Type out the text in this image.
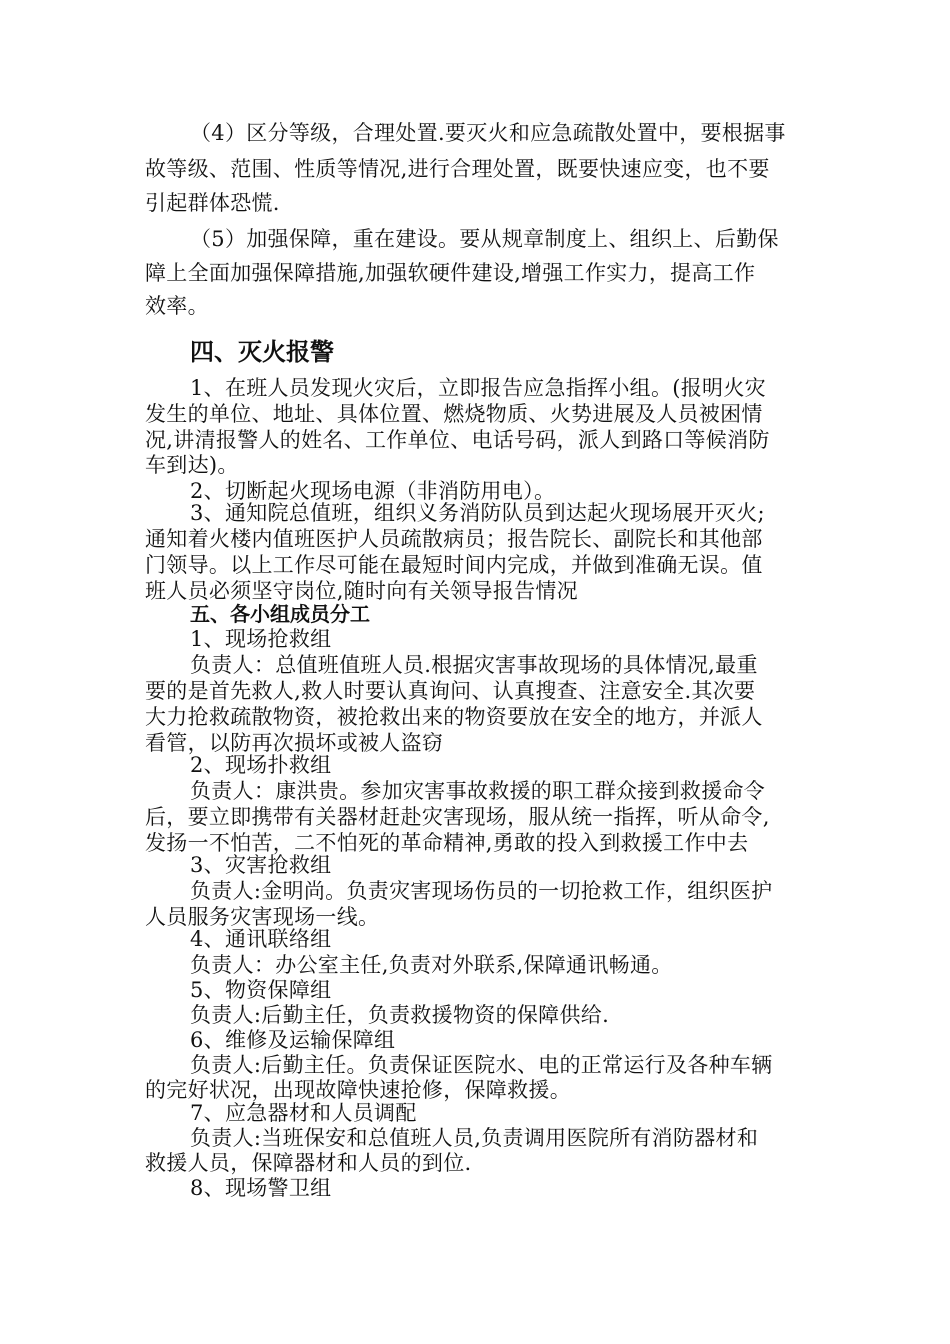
（4）区分等级，合理处置.要灭火和应急疏散处置中，要根据事
故等级、范围、性质等情况,进行合理处置，既要快速应变，也不要
引起群体恐慌.
（5）加强保障，重在建设。要从规章制度上、组织上、后勤保
障上全面加强保障措施,加强软硬件建设,增强工作实力，提高工作
效率。
四、灭火报警
1、在班人员发现火灾后，立即报告应急指挥小组。(报明火灾
发生的单位、地址、具体位置、燃烧物质、火势进展及人员被困情
况,讲清报警人的姓名、工作单位、电话号码，派人到路口等候消防
车到达)。
2、切断起火现场电源（非消防用电）。
3、通知院总值班，组织义务消防队员到达起火现场展开灭火;
通知着火楼内值班医护人员疏散病员；报告院长、副院长和其他部
门领导。以上工作尽可能在最短时间内完成，并做到准确无误。值
班人员必须坚守岗位,随时向有关领导报告情况
五、各小组成员分工
1、现场抢救组
负责人：总值班值班人员.根据灾害事故现场的具体情况,最重
要的是首先救人,救人时要认真询问、认真搜查、注意安全.其次要
大力抢救疏散物资，被抢救出来的物资要放在安全的地方，并派人
看管，以防再次损坏或被人盗窃
2、现场扑救组
负责人：康洪贵。参加灾害事故救援的职工群众接到救援命令
后，要立即携带有关器材赶赴灾害现场，服从统一指挥，听从命令,
发扬一不怕苦，二不怕死的革命精神,勇敢的投入到救援工作中去
3、灾害抢救组
负责人:金明尚。负责灾害现场伤员的一切抢救工作，组织医护
人员服务灾害现场一线。
4、通讯联络组
负责人：办公室主任,负责对外联系,保障通讯畅通。
5、物资保障组
负责人:后勤主任，负责救援物资的保障供给.
6、维修及运输保障组
负责人:后勤主任。负责保证医院水、电的正常运行及各种车辆
的完好状况，出现故障快速抢修，保障救援。
7、应急器材和人员调配
负责人:当班保安和总值班人员,负责调用医院所有消防器材和
救援人员，保障器材和人员的到位.
8、现场警卫组
